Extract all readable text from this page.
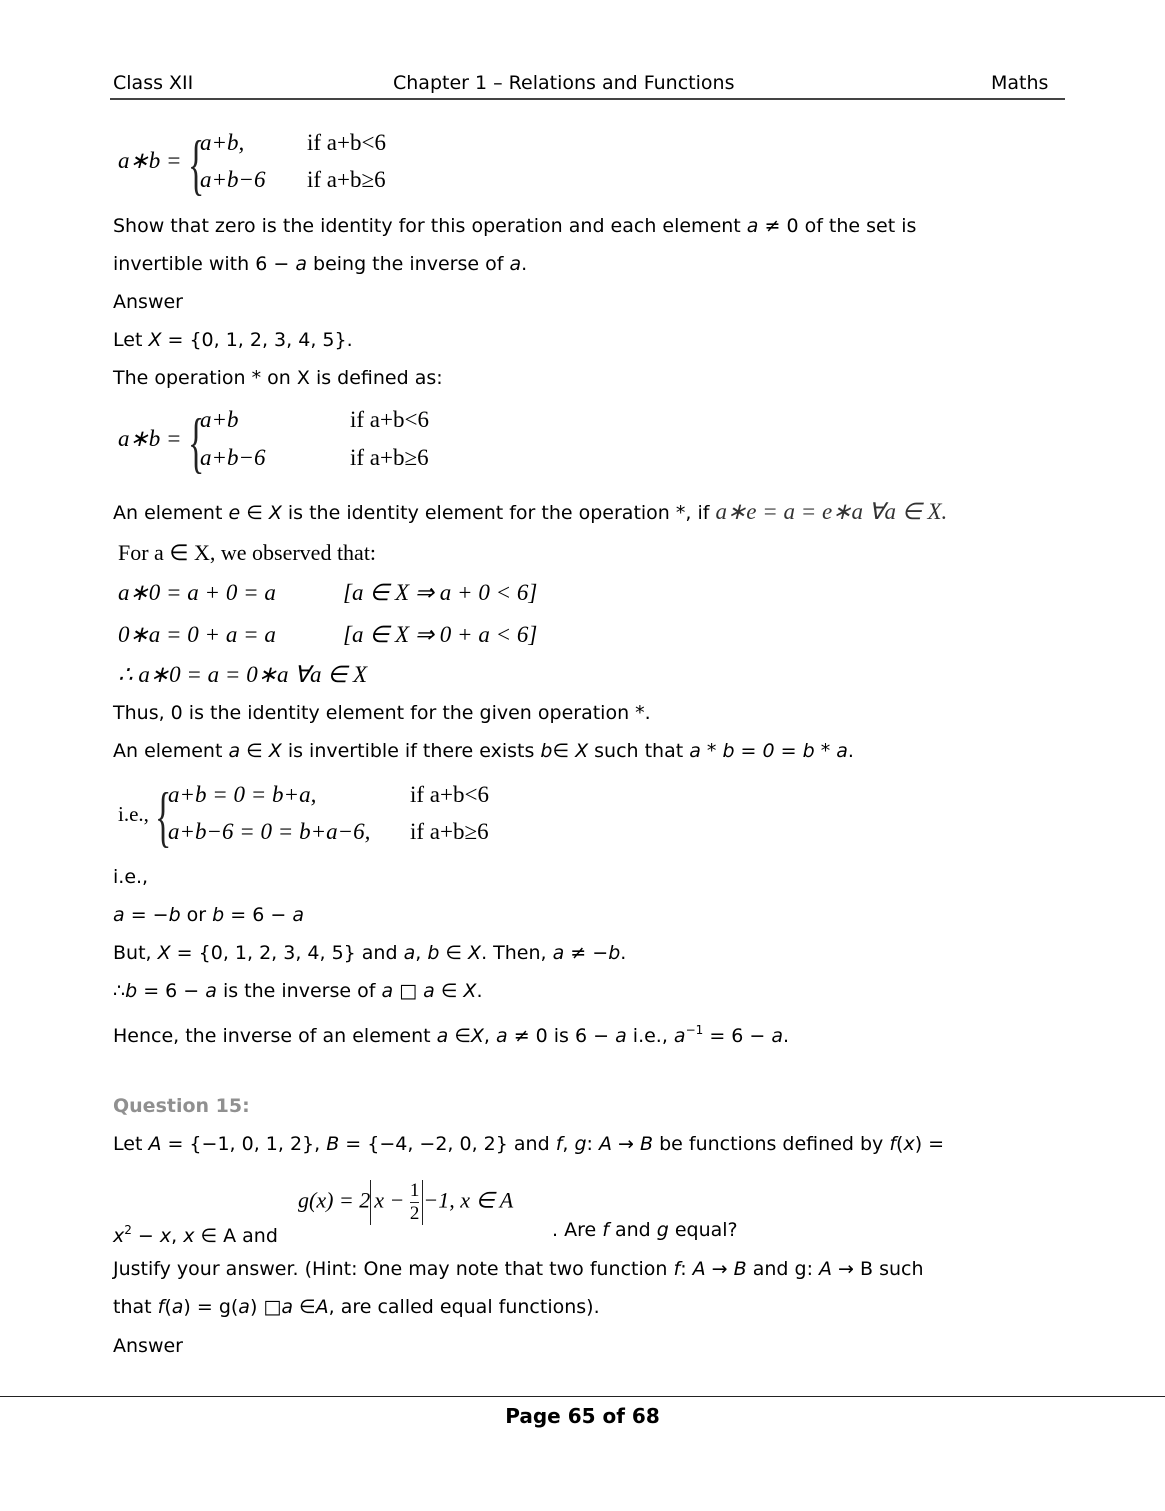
Class XII	Chapter 1 – Relations and Functions	Maths
a∗b = {
a+b,	if a+b<6
a+b−6 if a+b≥6
Show that zero is the identity for this operation and each element a ≠ 0 of the set is
invertible with 6 − a being the inverse of a.
Answer
Let X = {0, 1, 2, 3, 4, 5}.
The operation * on X is defined as:
a∗b = {
a+b	if a+b<6
a+b−6	if a+b≥6
An element e ∈ X is the identity element for the operation *, if a∗e = a = e∗a ∀a ∈ X.
For a ∈ X, we observed that:
a∗0 = a + 0 = a	[a ∈ X ⇒ a + 0 < 6]
0∗a = 0 + a = a	[a ∈ X ⇒ 0 + a < 6]
∴ a∗0 = a = 0∗a ∀a ∈ X
Thus, 0 is the identity element for the given operation *.
An element a ∈ X is invertible if there exists b∈ X such that a * b = 0 = b * a.
i.e., {
a+b = 0 = b+a,	if a+b<6
a+b−6 = 0 = b+a−6, if a+b≥6
i.e.,
a = −b or b = 6 − a
But, X = {0, 1, 2, 3, 4, 5} and a, b ∈ X. Then, a ≠ −b.
∴b = 6 − a is the inverse of a □ a ∈ X.
Hence, the inverse of an element a ∈X, a ≠ 0 is 6 − a i.e., $a^{-1} = 6 - a$.
Question 15:
Let A = {−1, 0, 1, 2}, B = {−4, −2, 0, 2} and f, g: A → B be functions defined by f(x) =
$x^2 - x$, x ∈ A and
g(x) = 2 $x - \frac{1}{2} -1$, x ∈ A
. Are f and g equal?
Justify your answer. (Hint: One may note that two function f: A → B and g: A → B such
that f(a) = g(a) □a ∈A, are called equal functions).
Answer
Page 65 of 68
